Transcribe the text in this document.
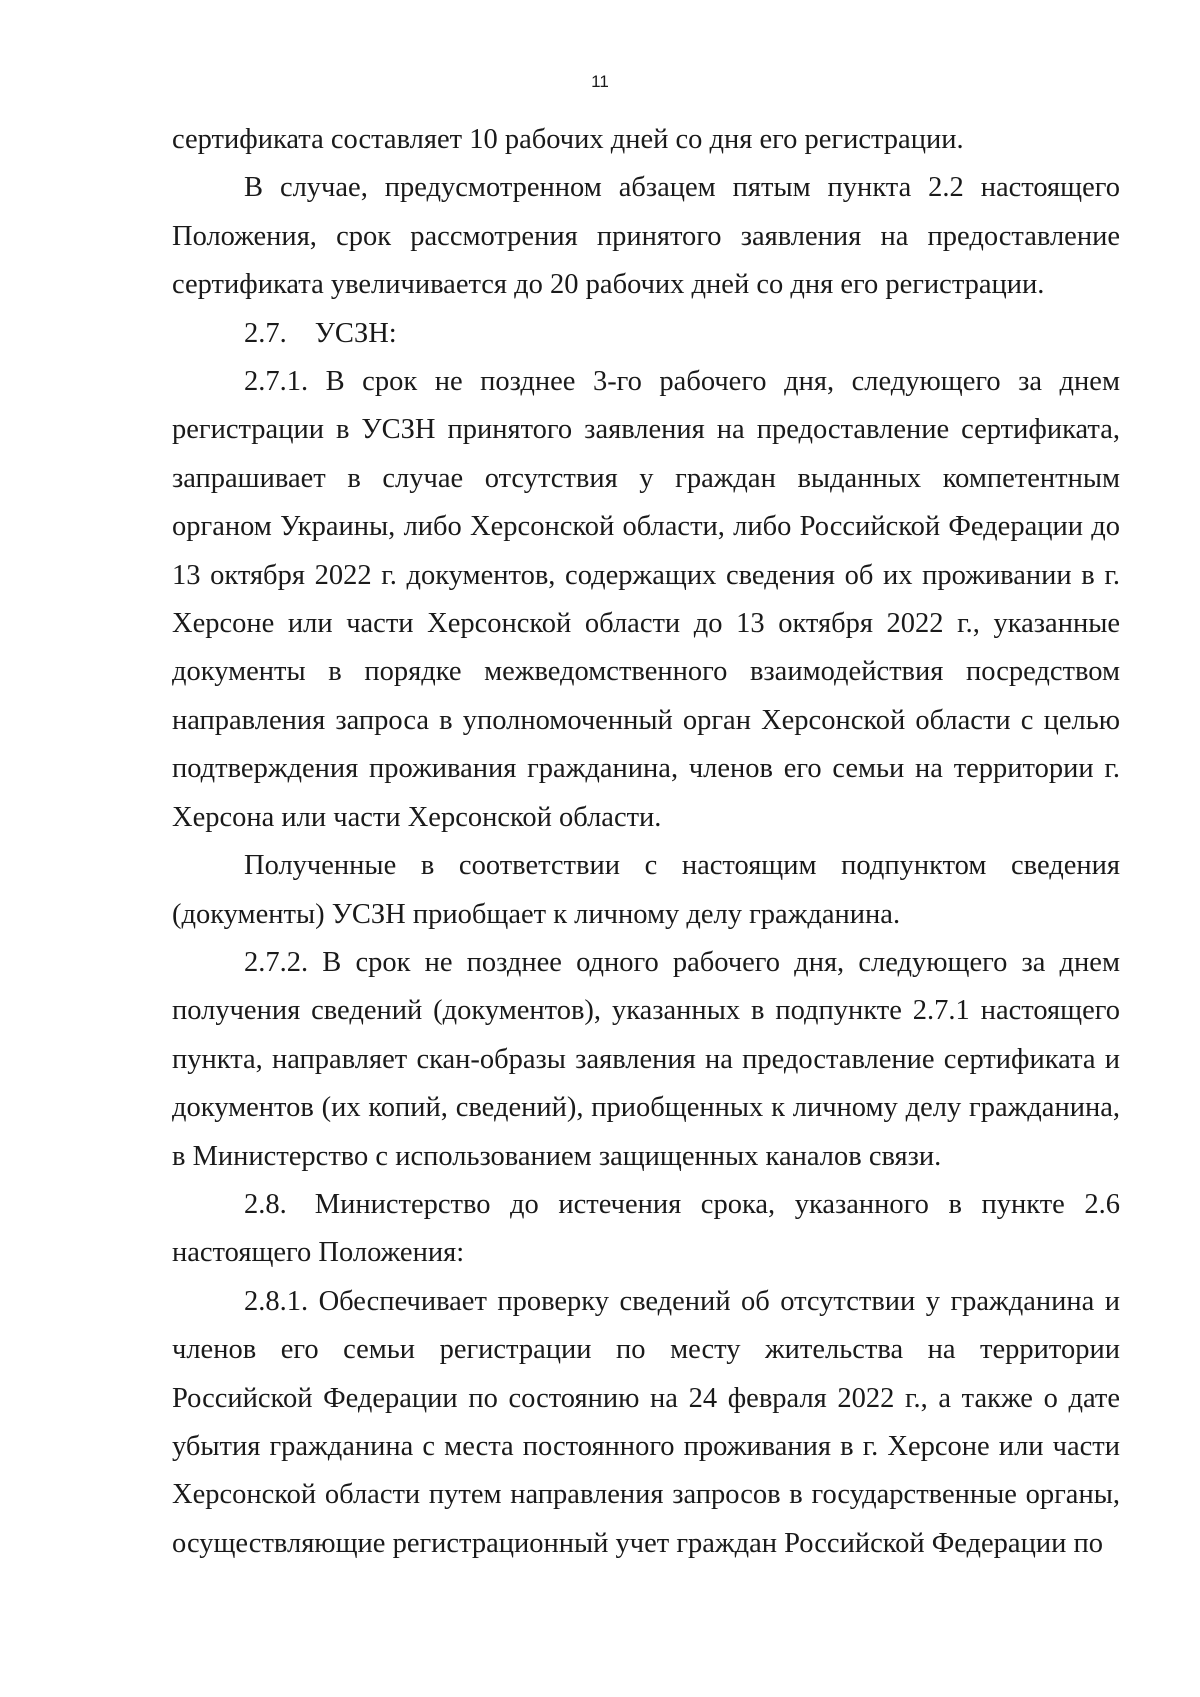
11

сертификата составляет 10 рабочих дней со дня его регистрации.

В случае, предусмотренном абзацем пятым пункта 2.2 настоящего Положения, срок рассмотрения принятого заявления на предоставление сертификата увеличивается до 20 рабочих дней со дня его регистрации.

2.7. УСЗН:

2.7.1. В срок не позднее 3-го рабочего дня, следующего за днем регистрации в УСЗН принятого заявления на предоставление сертификата, запрашивает в случае отсутствия у граждан выданных компетентным органом Украины, либо Херсонской области, либо Российской Федерации до 13 октября 2022 г. документов, содержащих сведения об их проживании в г. Херсоне или части Херсонской области до 13 октября 2022 г., указанные документы в порядке межведомственного взаимодействия посредством направления запроса в уполномоченный орган Херсонской области с целью подтверждения проживания гражданина, членов его семьи на территории г. Херсона или части Херсонской области.

Полученные в соответствии с настоящим подпунктом сведения (документы) УСЗН приобщает к личному делу гражданина.

2.7.2. В срок не позднее одного рабочего дня, следующего за днем получения сведений (документов), указанных в подпункте 2.7.1 настоящего пункта, направляет скан-образы заявления на предоставление сертификата и документов (их копий, сведений), приобщенных к личному делу гражданина, в Министерство с использованием защищенных каналов связи.

2.8. Министерство до истечения срока, указанного в пункте 2.6 настоящего Положения:

2.8.1. Обеспечивает проверку сведений об отсутствии у гражданина и членов его семьи регистрации по месту жительства на территории Российской Федерации по состоянию на 24 февраля 2022 г., а также о дате убытия гражданина с места постоянного проживания в г. Херсоне или части Херсонской области путем направления запросов в государственные органы, осуществляющие регистрационный учет граждан Российской Федерации по
